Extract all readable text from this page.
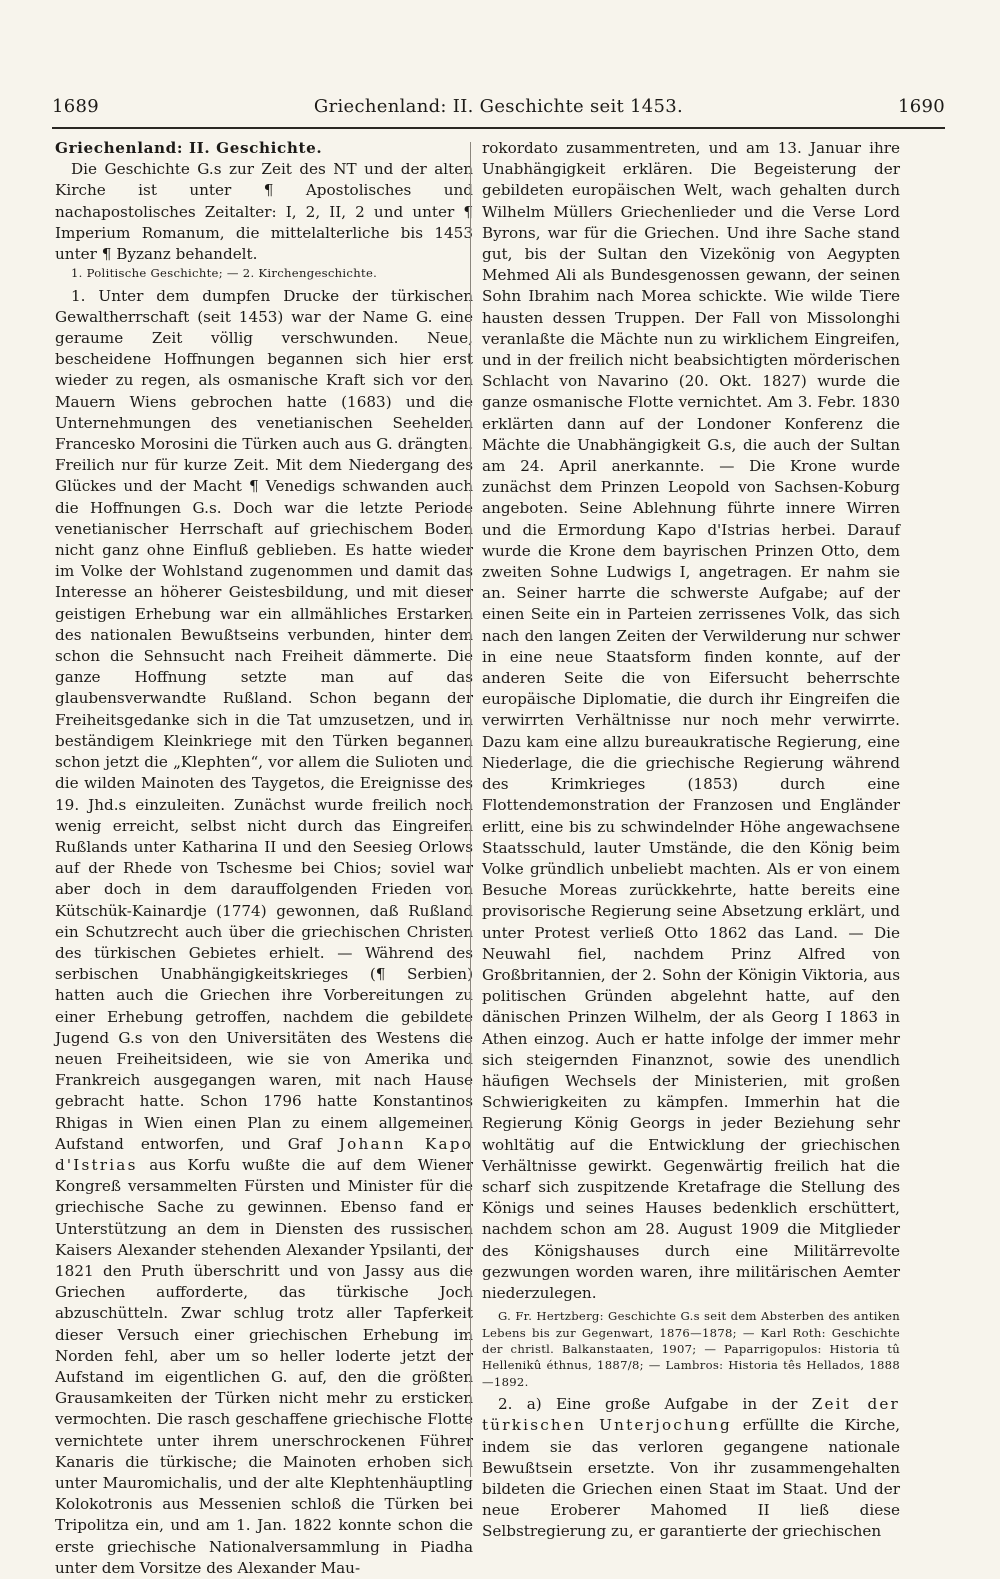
1689	Griechenland: II. Geschichte seit 1453.	1690

Griechenland: II. Geschichte.

Die Geschichte G.s zur Zeit des NT und der alten Kirche ist unter ¶ Apostolisches und nachapostolisches Zeitalter: I, 2, II, 2 und unter ¶ Imperium Romanum, die mittelalterliche bis 1453 unter ¶ Byzanz behandelt.

1. Politische Geschichte; — 2. Kirchengeschichte.

1. Unter dem dumpfen Drucke der türkischen Gewaltherrschaft (seit 1453) war der Name G. eine geraume Zeit völlig verschwunden. Neue, bescheidene Hoffnungen begannen sich hier erst wieder zu regen, als osmanische Kraft sich vor den Mauern Wiens gebrochen hatte (1683) und die Unternehmungen des venetianischen Seehelden Francesko Morosini die Türken auch aus G. drängten. Freilich nur für kurze Zeit. Mit dem Niedergang des Glückes und der Macht ¶ Venedigs schwanden auch die Hoffnungen G.s. Doch war die letzte Periode venetianischer Herrschaft auf griechischem Boden nicht ganz ohne Einfluß geblieben. Es hatte wieder im Volke der Wohlstand zugenommen und damit das Interesse an höherer Geistesbildung, und mit dieser geistigen Erhebung war ein allmähliches Erstarken des nationalen Bewußtseins verbunden, hinter dem schon die Sehnsucht nach Freiheit dämmerte. Die ganze Hoffnung setzte man auf das glaubensverwandte Rußland. Schon begann der Freiheitsgedanke sich in die Tat umzusetzen, und in beständigem Kleinkriege mit den Türken begannen schon jetzt die „Klephten“, vor allem die Sulioten und die wilden Mainoten des Taygetos, die Ereignisse des 19. Jhd.s einzuleiten. Zunächst wurde freilich noch wenig erreicht, selbst nicht durch das Eingreifen Rußlands unter Katharina II und den Seesieg Orlows auf der Rhede von Tschesme bei Chios; soviel war aber doch in dem darauffolgenden Frieden von Kütschük-Kainardje (1774) gewonnen, daß Rußland ein Schutzrecht auch über die griechischen Christen des türkischen Gebietes erhielt. — Während des serbischen Unabhängigkeitskrieges (¶ Serbien) hatten auch die Griechen ihre Vorbereitungen zu einer Erhebung getroffen, nachdem die gebildete Jugend G.s von den Universitäten des Westens die neuen Freiheitsideen, wie sie von Amerika und Frankreich ausgegangen waren, mit nach Hause gebracht hatte. Schon 1796 hatte Konstantinos Rhigas in Wien einen Plan zu einem allgemeinen Aufstand entworfen, und Graf Johann Kapo d'Istrias aus Korfu wußte die auf dem Wiener Kongreß versammelten Fürsten und Minister für die griechische Sache zu gewinnen. Ebenso fand er Unterstützung an dem in Diensten des russischen Kaisers Alexander stehenden Alexander Ypsilanti, der 1821 den Pruth überschritt und von Jassy aus die Griechen aufforderte, das türkische Joch abzuschütteln. Zwar schlug trotz aller Tapferkeit dieser Versuch einer griechischen Erhebung im Norden fehl, aber um so heller loderte jetzt der Aufstand im eigentlichen G. auf, den die größten Grausamkeiten der Türken nicht mehr zu ersticken vermochten. Die rasch geschaffene griechische Flotte vernichtete unter ihrem unerschrockenen Führer Kanaris die türkische; die Mainoten erhoben sich unter Mauromichalis, und der alte Klephtenhäuptling Kolokotronis aus Messenien schloß die Türken bei Tripolitza ein, und am 1. Jan. 1822 konnte schon die erste griechische Nationalversammlung in Piadha unter dem Vorsitze des Alexander Mau-

rokordato zusammentreten, und am 13. Januar ihre Unabhängigkeit erklären. Die Begeisterung der gebildeten europäischen Welt, wach gehalten durch Wilhelm Müllers Griechenlieder und die Verse Lord Byrons, war für die Griechen. Und ihre Sache stand gut, bis der Sultan den Vizekönig von Aegypten Mehmed Ali als Bundesgenossen gewann, der seinen Sohn Ibrahim nach Morea schickte. Wie wilde Tiere hausten dessen Truppen. Der Fall von Missolonghi veranlaßte die Mächte nun zu wirklichem Eingreifen, und in der freilich nicht beabsichtigten mörderischen Schlacht von Navarino (20. Okt. 1827) wurde die ganze osmanische Flotte vernichtet. Am 3. Febr. 1830 erklärten dann auf der Londoner Konferenz die Mächte die Unabhängigkeit G.s, die auch der Sultan am 24. April anerkannte. — Die Krone wurde zunächst dem Prinzen Leopold von Sachsen-Koburg angeboten. Seine Ablehnung führte innere Wirren und die Ermordung Kapo d'Istrias herbei. Darauf wurde die Krone dem bayrischen Prinzen Otto, dem zweiten Sohne Ludwigs I, angetragen. Er nahm sie an. Seiner harrte die schwerste Aufgabe; auf der einen Seite ein in Parteien zerrissenes Volk, das sich nach den langen Zeiten der Verwilderung nur schwer in eine neue Staatsform finden konnte, auf der anderen Seite die von Eifersucht beherrschte europäische Diplomatie, die durch ihr Eingreifen die verwirrten Verhältnisse nur noch mehr verwirrte. Dazu kam eine allzu bureaukratische Regierung, eine Niederlage, die die griechische Regierung während des Krimkrieges (1853) durch eine Flottendemonstration der Franzosen und Engländer erlitt, eine bis zu schwindelnder Höhe angewachsene Staatsschuld, lauter Umstände, die den König beim Volke gründlich unbeliebt machten. Als er von einem Besuche Moreas zurückkehrte, hatte bereits eine provisorische Regierung seine Absetzung erklärt, und unter Protest verließ Otto 1862 das Land. — Die Neuwahl fiel, nachdem Prinz Alfred von Großbritannien, der 2. Sohn der Königin Viktoria, aus politischen Gründen abgelehnt hatte, auf den dänischen Prinzen Wilhelm, der als Georg I 1863 in Athen einzog. Auch er hatte infolge der immer mehr sich steigernden Finanznot, sowie des unendlich häufigen Wechsels der Ministerien, mit großen Schwierigkeiten zu kämpfen. Immerhin hat die Regierung König Georgs in jeder Beziehung sehr wohltätig auf die Entwicklung der griechischen Verhältnisse gewirkt. Gegenwärtig freilich hat die scharf sich zuspitzende Kretafrage die Stellung des Königs und seines Hauses bedenklich erschüttert, nachdem schon am 28. August 1909 die Mitglieder des Königshauses durch eine Militärrevolte gezwungen worden waren, ihre militärischen Aemter niederzulegen.

G. Fr. Hertzberg: Geschichte G.s seit dem Absterben des antiken Lebens bis zur Gegenwart, 1876—1878; — Karl Roth: Geschichte der christl. Balkanstaaten, 1907; — Paparrigopulos: Historia tû Hellenikû éthnus, 1887/8; — Lambros: Historia tês Hellados, 1888—1892.

2. a) Eine große Aufgabe in der Zeit der türkischen Unterjochung erfüllte die Kirche, indem sie das verloren gegangene nationale Bewußtsein ersetzte. Von ihr zusammengehalten bildeten die Griechen einen Staat im Staat. Und der neue Eroberer Mahomed II ließ diese Selbstregierung zu, er garantierte der griechischen
